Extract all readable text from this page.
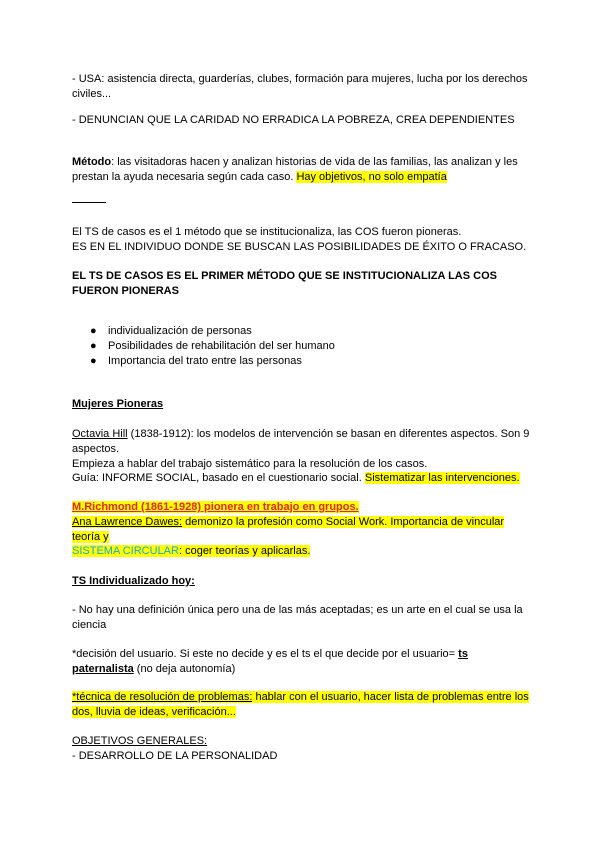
- USA: asistencia directa, guarderías, clubes, formación para mujeres, lucha por los derechos civiles...

- DENUNCIAN QUE LA CARIDAD NO ERRADICA LA POBREZA, CREA DEPENDIENTES

Método: las visitadoras hacen y analizan historias de vida de las familias, las analizan y les prestan la ayuda necesaria según cada caso. Hay objetivos, no solo empatía

El TS de casos es el 1 método que se institucionaliza, las COS fueron pioneras.

ES EN EL INDIVIDUO DONDE SE BUSCAN LAS POSIBILIDADES DE ÉXITO O FRACASO.

EL TS DE CASOS ES EL PRIMER MÉTODO QUE SE INSTITUCIONALIZA LAS COS FUERON PIONERAS

● individualización de personas
● Posibilidades de rehabilitación del ser humano
● Importancia del trato entre las personas

Mujeres Pioneras

Octavia Hill (1838-1912): los modelos de intervención se basan en diferentes aspectos. Son 9 aspectos.

Empieza a hablar del trabajo sistemático para la resolución de los casos.

Guía: INFORME SOCIAL, basado en el cuestionario social. Sistematizar las intervenciones.

M.Richmond (1861-1928) pionera en trabajo en grupos.

Ana Lawrence Dawes: demonizo la profesión como Social Work. Importancia de vincular teoría y

SISTEMA CIRCULAR: coger teorías y aplicarlas.

TS Individualizado hoy:

- No hay una definición única pero una de las más aceptadas; es un arte en el cual se usa la ciencia

*decisión del usuario. Si este no decide y es el ts el que decide por el usuario= ts paternalista (no deja autonomía)

*técnica de resolución de problemas: hablar con el usuario, hacer lista de problemas entre los dos, lluvia de ideas, verificación...

OBJETIVOS GENERALES:

- DESARROLLO DE LA PERSONALIDAD
